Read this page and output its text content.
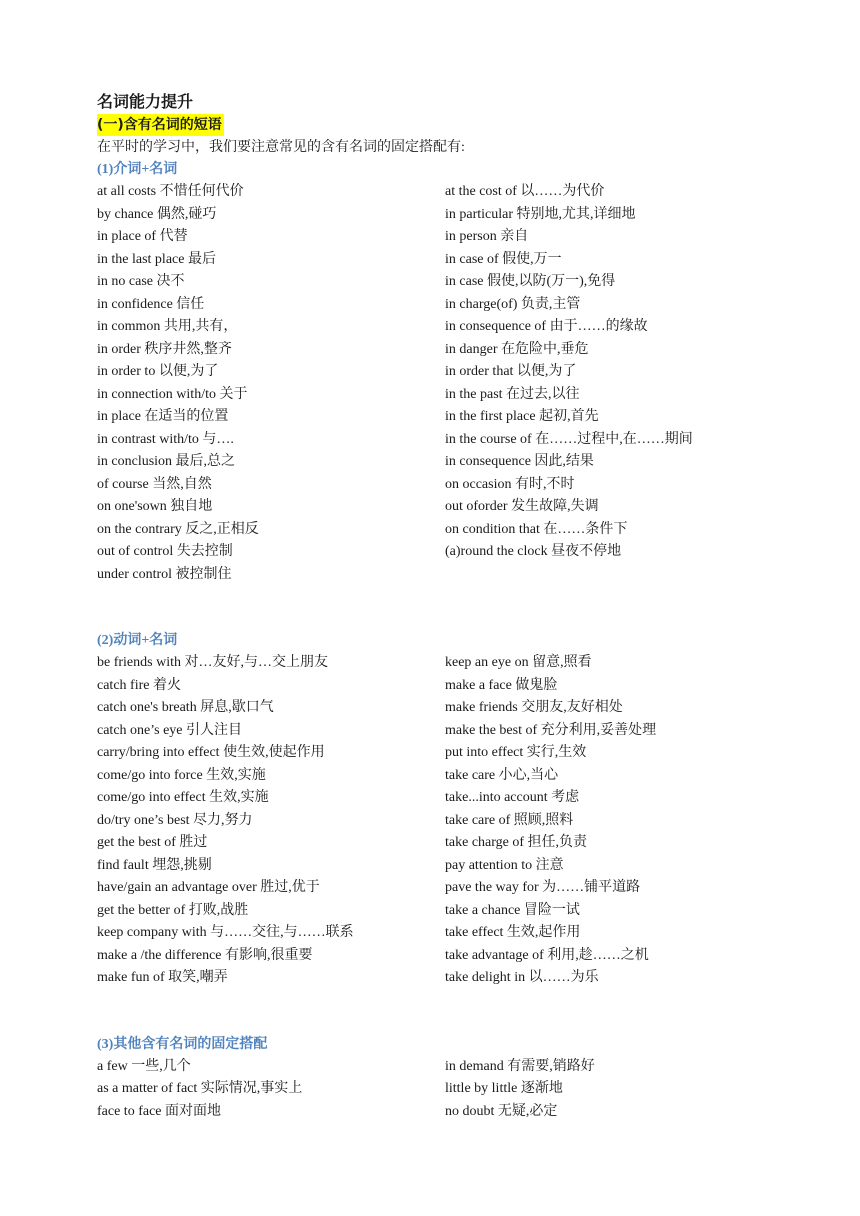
名词能力提升
(一)含有名词的短语
在平时的学习中，我们要注意常见的含有名词的固定搭配有:
(1)介词+名词
at all costs 不惜任何代价	at the cost of 以……为代价
by chance 偶然,碰巧	in particular 特别地,尤其,详细地
in place of 代替	in person 亲自
in the last place 最后	in case of 假使,万一
in no case 决不	in case 假使,以防(万一),免得
in confidence 信任	in charge(of) 负责,主管
in common 共用,共有，	in consequence of 由于……的缘故
in order 秩序井然,整齐	in danger 在危险中,垂危
in order to 以便,为了	in order that 以便,为了
in connection with/to 关于	in the past 在过去,以往
in place 在适当的位置	in the first place 起初,首先
in contrast with/to 与….	in the course of 在……过程中,在……期间
in conclusion 最后,总之	in consequence 因此,结果
of course 当然,自然	on occasion 有时,不时
on one'sown 独自地	out oforder 发生故障,失调
on the contrary 反之,正相反	on condition that 在……条件下
out of control 失去控制	(a)round the clock 昼夜不停地
under control 被控制住
(2)动词+名词
be friends with 对…友好,与…交上朋友	keep an eye on 留意,照看
catch fire 着火	make a face 做鬼脸
catch one's breath 屏息,歇口气	make friends 交朋友,友好相处
catch one’s eye 引人注目	make the best of 充分利用,妥善处理
carry/bring into effect 使生效,使起作用	put into effect 实行,生效
come/go into force 生效,实施	take care 小心,当心
come/go into effect 生效,实施	take...into account 考虑
do/try one’s best 尽力,努力	take care of 照顾,照料
get the best of 胜过	take charge of 担任,负责
find fault 埋怨,挑剔	pay attention to 注意
have/gain an advantage over 胜过,优于	pave the way for 为……铺平道路
get the better of 打败,战胜	take a chance 冒险一试
keep company with 与……交往,与……联系	take effect 生效,起作用
make a /the difference 有影响,很重要	take advantage of 利用,趁……之机
make fun of 取笑,嘲弄	take delight in 以……为乐
(3)其他含有名词的固定搭配
a few 一些,几个	in demand 有需要,销路好
as a matter of fact 实际情况,事实上	little by little 逐渐地
face to face 面对面地	no doubt 无疑,必定
